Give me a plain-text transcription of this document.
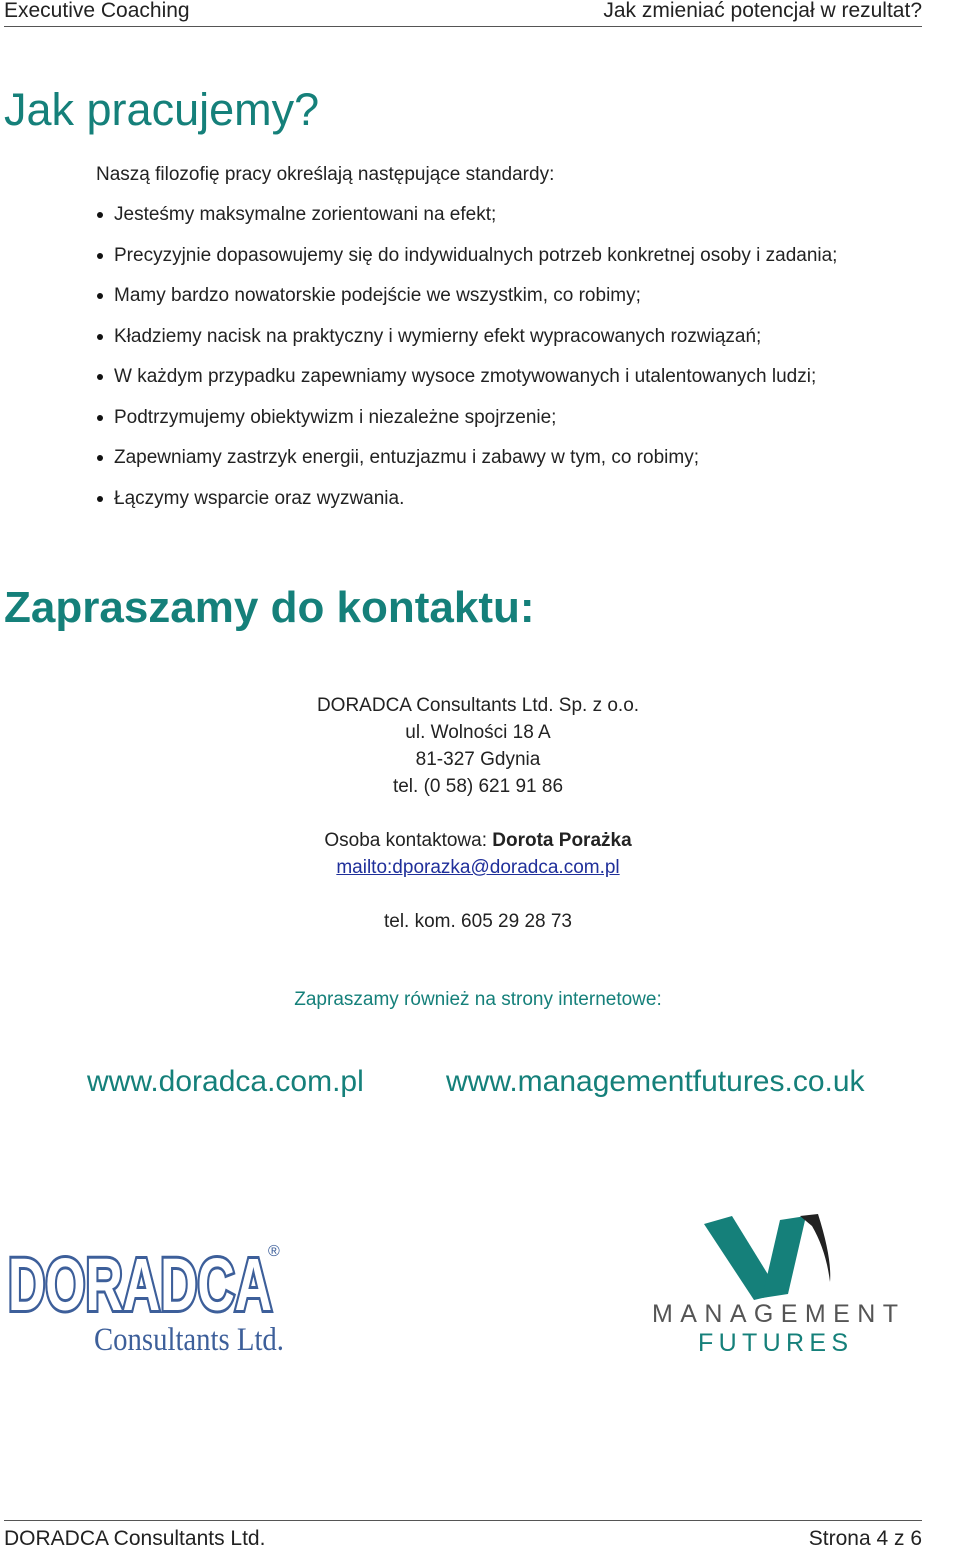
Executive Coaching	Jak zmieniać potencjał w rezultat?
Jak pracujemy?
Naszą filozofię pracy określają następujące standardy:
Jesteśmy maksymalne zorientowani na efekt;
Precyzyjnie dopasowujemy się do indywidualnych potrzeb konkretnej osoby i zadania;
Mamy bardzo nowatorskie podejście we wszystkim, co robimy;
Kładziemy nacisk na praktyczny i wymierny efekt wypracowanych rozwiązań;
W każdym przypadku zapewniamy wysoce zmotywowanych i utalentowanych ludzi;
Podtrzymujemy obiektywizm i niezależne spojrzenie;
Zapewniamy zastrzyk energii, entuzjazmu i zabawy w tym, co robimy;
Łączymy wsparcie oraz wyzwania.
Zapraszamy do kontaktu:
DORADCA Consultants Ltd. Sp. z o.o.
ul. Wolności 18 A
81-327 Gdynia
tel. (0 58) 621 91 86
Osoba kontaktowa: Dorota Porażka
mailto:dporazka@doradca.com.pl
tel. kom. 605 29 28 73
Zapraszamy również na strony internetowe:
www.doradca.com.pl	www.managementfutures.co.uk
DORADCA
®
Consultants Ltd.
MANAGEMENT
FUTURES
DORADCA Consultants Ltd.	Strona 4 z 6
